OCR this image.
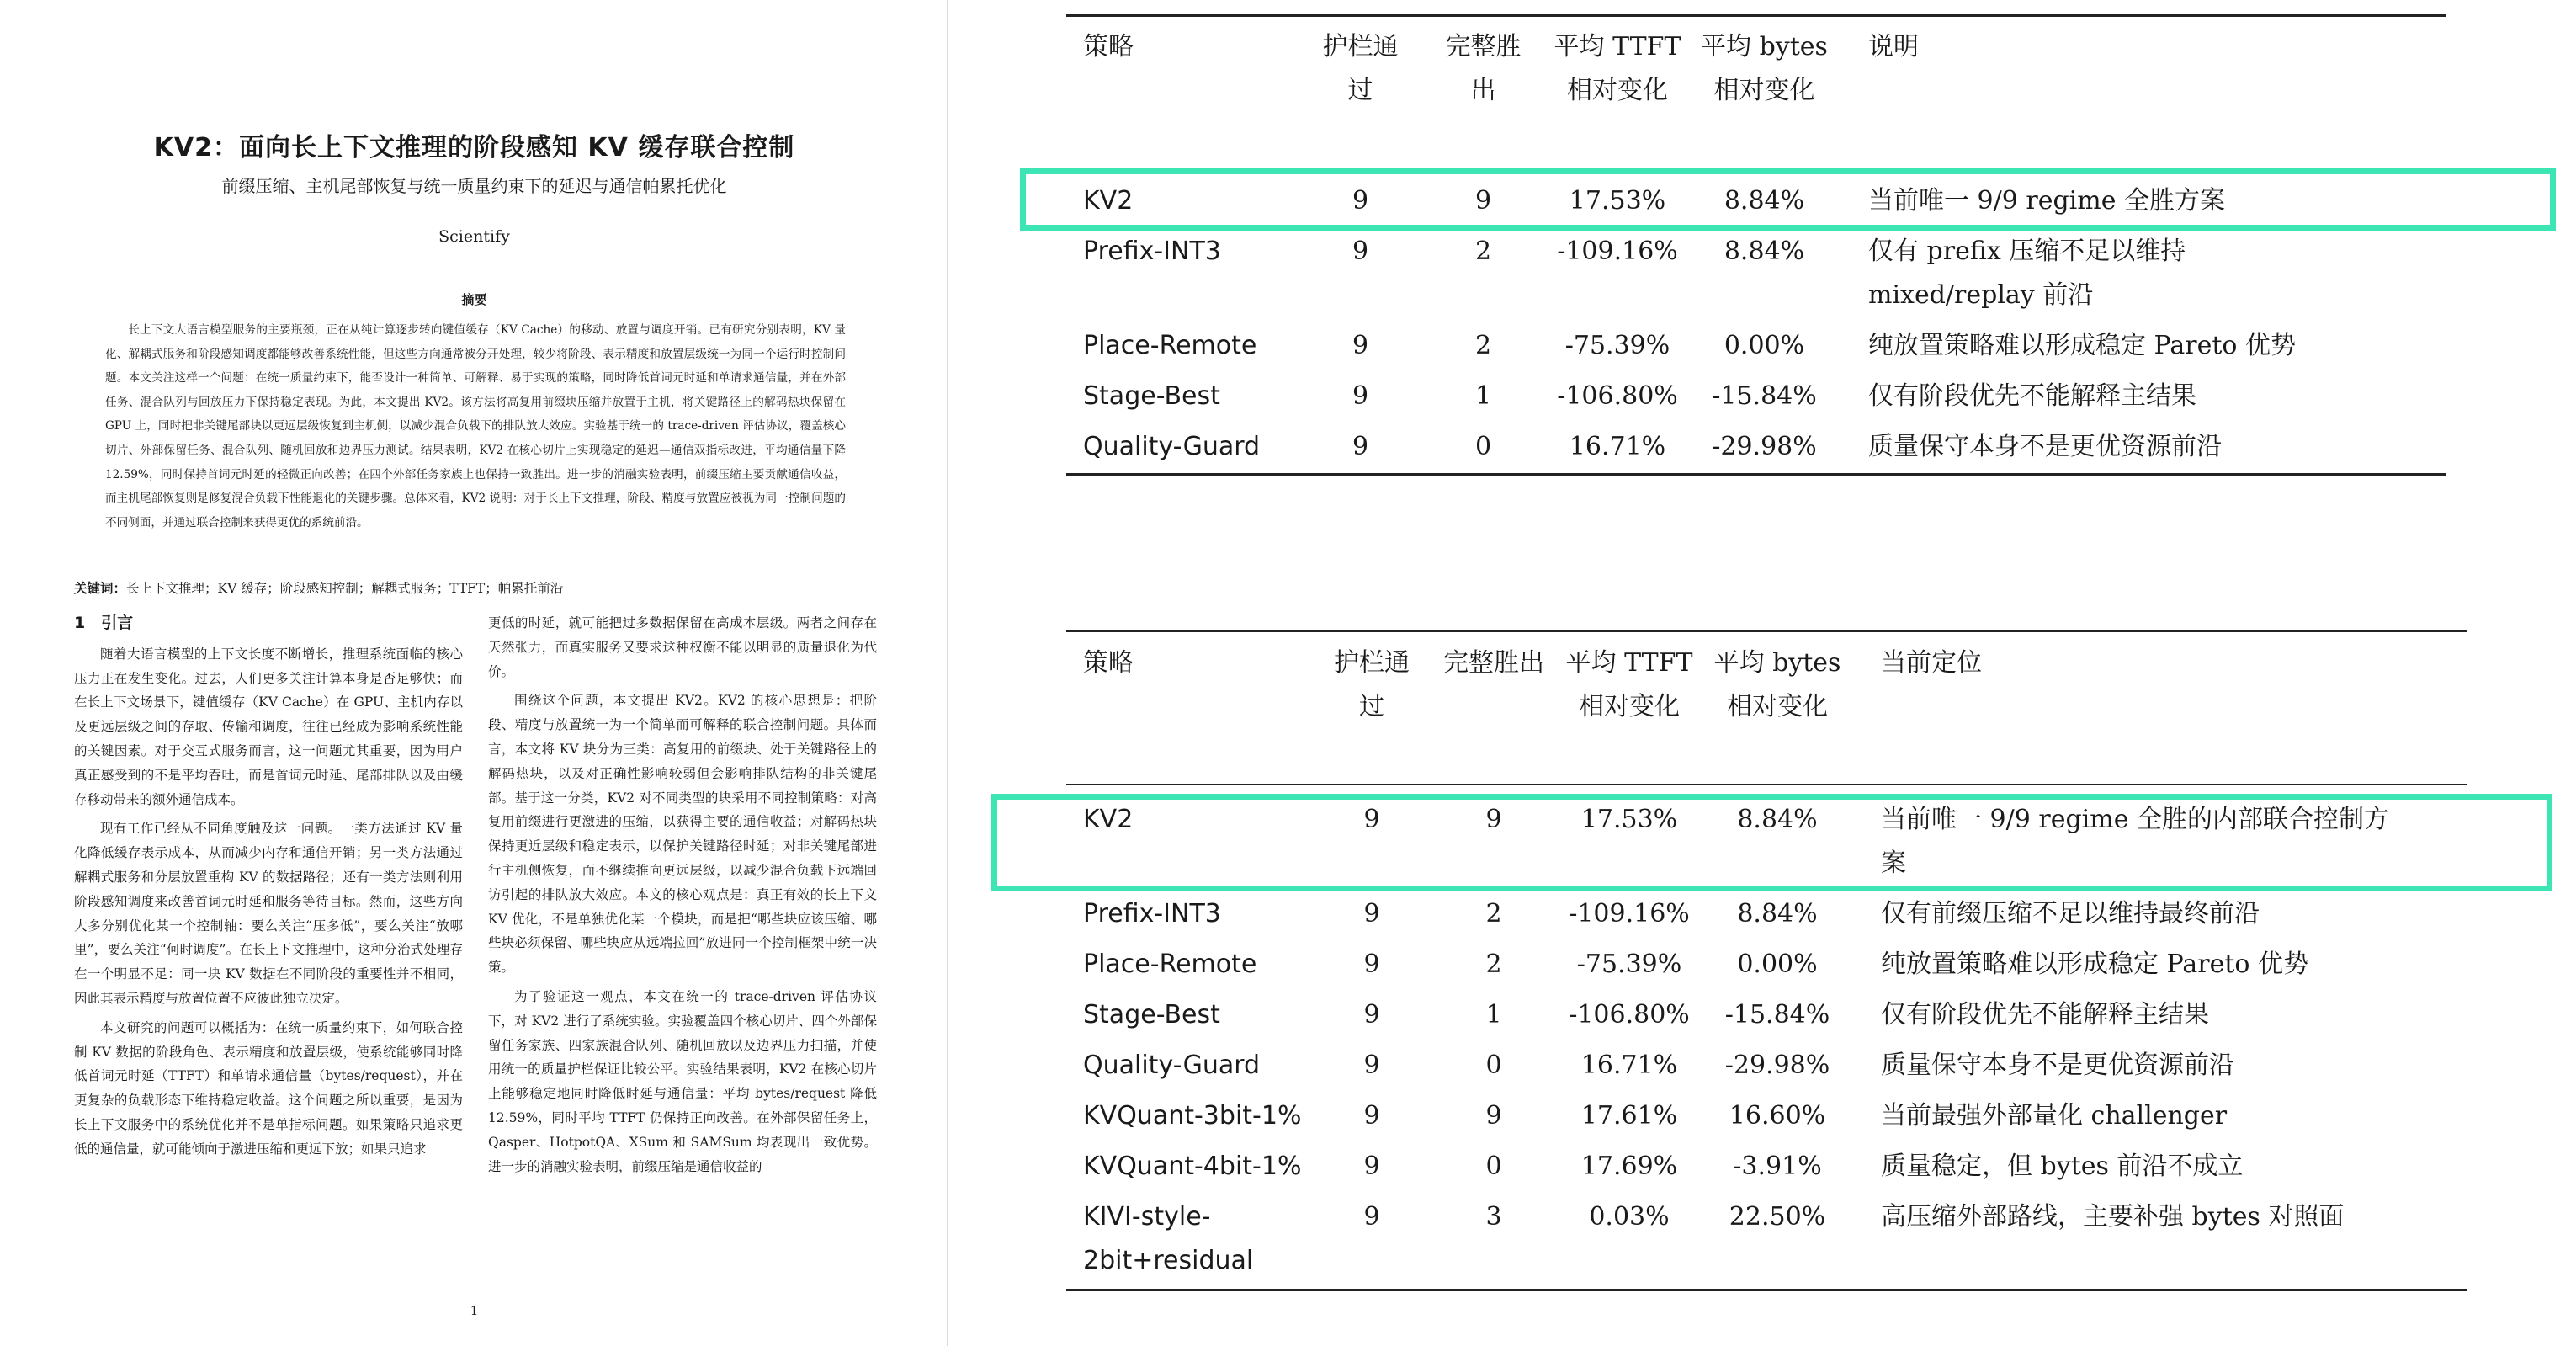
KV2：面向长上下文推理的阶段感知 KV 缓存联合控制
前缀压缩、主机尾部恢复与统一质量约束下的延迟与通信帕累托优化
Scientify
摘要
长上下文大语言模型服务的主要瓶颈，正在从纯计算逐步转向键值缓存（KV Cache）的移动、放置与调度开销。已有研究分别表明，KV 量化、解耦式服务和阶段感知调度都能够改善系统性能，但这些方向通常被分开处理，较少将阶段、表示精度和放置层级统一为同一个运行时控制问题。本文关注这样一个问题：在统一质量约束下，能否设计一种简单、可解释、易于实现的策略，同时降低首词元时延和单请求通信量，并在外部任务、混合队列与回放压力下保持稳定表现。为此，本文提出 KV2。该方法将高复用前缀块压缩并放置于主机，将关键路径上的解码热块保留在 GPU 上，同时把非关键尾部块以更远层级恢复到主机侧，以减少混合负载下的排队放大效应。实验基于统一的 trace-driven 评估协议，覆盖核心切片、外部保留任务、混合队列、随机回放和边界压力测试。结果表明，KV2 在核心切片上实现稳定的延迟—通信双指标改进，平均通信量下降 12.59%，同时保持首词元时延的轻微正向改善；在四个外部任务家族上也保持一致胜出。进一步的消融实验表明，前缀压缩主要贡献通信收益，而主机尾部恢复则是修复混合负载下性能退化的关键步骤。总体来看，KV2 说明：对于长上下文推理，阶段、精度与放置应被视为同一控制问题的不同侧面，并通过联合控制来获得更优的系统前沿。
关键词：长上下文推理；KV 缓存；阶段感知控制；解耦式服务；TTFT；帕累托前沿
1　引言

随着大语言模型的上下文长度不断增长，推理系统面临的核心压力正在发生变化。过去，人们更多关注计算本身是否足够快；而在长上下文场景下，键值缓存（KV Cache）在 GPU、主机内存以及更远层级之间的存取、传输和调度，往往已经成为影响系统性能的关键因素。对于交互式服务而言，这一问题尤其重要，因为用户真正感受到的不是平均吞吐，而是首词元时延、尾部排队以及由缓存移动带来的额外通信成本。

现有工作已经从不同角度触及这一问题。一类方法通过 KV 量化降低缓存表示成本，从而减少内存和通信开销；另一类方法通过解耦式服务和分层放置重构 KV 的数据路径；还有一类方法则利用阶段感知调度来改善首词元时延和服务等待目标。然而，这些方向大多分别优化某一个控制轴：要么关注“压多低”，要么关注“放哪里”，要么关注“何时调度”。在长上下文推理中，这种分治式处理存在一个明显不足：同一块 KV 数据在不同阶段的重要性并不相同，因此其表示精度与放置位置不应彼此独立决定。

本文研究的问题可以概括为：在统一质量约束下，如何联合控制 KV 数据的阶段角色、表示精度和放置层级，使系统能够同时降低首词元时延（TTFT）和单请求通信量（bytes/request），并在更复杂的负载形态下维持稳定收益。这个问题之所以重要，是因为长上下文服务中的系统优化并不是单指标问题。如果策略只追求更低的通信量，就可能倾向于激进压缩和更远下放；如果只追求

更低的时延，就可能把过多数据保留在高成本层级。两者之间存在天然张力，而真实服务又要求这种权衡不能以明显的质量退化为代价。

围绕这个问题，本文提出 KV2。KV2 的核心思想是：把阶段、精度与放置统一为一个简单而可解释的联合控制问题。具体而言，本文将 KV 块分为三类：高复用的前缀块、处于关键路径上的解码热块，以及对正确性影响较弱但会影响排队结构的非关键尾部。基于这一分类，KV2 对不同类型的块采用不同控制策略：对高复用前缀进行更激进的压缩，以获得主要的通信收益；对解码热块保持更近层级和稳定表示，以保护关键路径时延；对非关键尾部进行主机侧恢复，而不继续推向更远层级，以减少混合负载下远端回访引起的排队放大效应。本文的核心观点是：真正有效的长上下文 KV 优化，不是单独优化某一个模块，而是把“哪些块应该压缩、哪些块必须保留、哪些块应从远端拉回”放进同一个控制框架中统一决策。

为了验证这一观点，本文在统一的 trace-driven 评估协议下，对 KV2 进行了系统实验。实验覆盖四个核心切片、四个外部保留任务家族、四家族混合队列、随机回放以及边界压力扫描，并使用统一的质量护栏保证比较公平。实验结果表明，KV2 在核心切片上能够稳定地同时降低时延与通信量：平均 bytes/request 降低 12.59%，同时平均 TTFT 仍保持正向改善。在外部保留任务上，Qasper、HotpotQA、XSum 和 SAMSum 均表现出一致优势。进一步的消融实验表明，前缀压缩是通信收益的

1
策略	护栏通过	完整胜出	平均 TTFT 相对变化	平均 bytes 相对变化	说明
KV2	9	9	17.53%	8.84%	当前唯一 9/9 regime 全胜方案
Prefix-INT3	9	2	-109.16%	8.84%	仅有 prefix 压缩不足以维持 mixed/replay 前沿
Place-Remote	9	2	-75.39%	0.00%	纯放置策略难以形成稳定 Pareto 优势
Stage-Best	9	1	-106.80%	-15.84%	仅有阶段优先不能解释主结果
Quality-Guard	9	0	16.71%	-29.98%	质量保守本身不是更优资源前沿
策略	护栏通过	完整胜出	平均 TTFT 相对变化	平均 bytes 相对变化	当前定位
KV2	9	9	17.53%	8.84%	当前唯一 9/9 regime 全胜的内部联合控制方案
Prefix-INT3	9	2	-109.16%	8.84%	仅有前缀压缩不足以维持最终前沿
Place-Remote	9	2	-75.39%	0.00%	纯放置策略难以形成稳定 Pareto 优势
Stage-Best	9	1	-106.80%	-15.84%	仅有阶段优先不能解释主结果
Quality-Guard	9	0	16.71%	-29.98%	质量保守本身不是更优资源前沿
KVQuant-3bit-1%	9	9	17.61%	16.60%	当前最强外部量化 challenger
KVQuant-4bit-1%	9	0	17.69%	-3.91%	质量稳定，但 bytes 前沿不成立
KIVI-style-2bit+residual	9	3	0.03%	22.50%	高压缩外部路线，主要补强 bytes 对照面
